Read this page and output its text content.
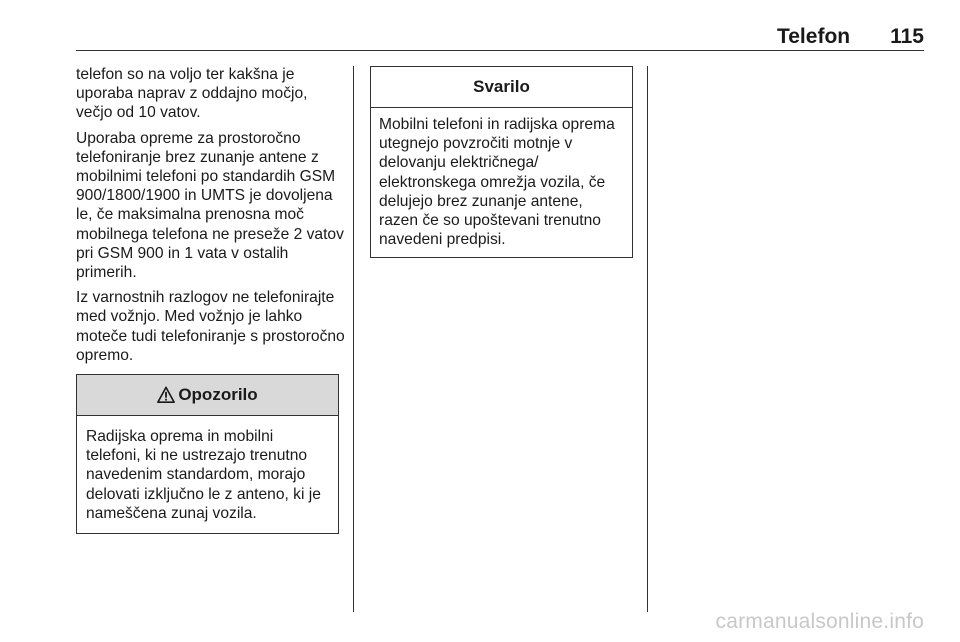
Telefon 115

telefon so na voljo ter kakšna je uporaba naprav z oddajno močjo, večjo od 10 vatov.

Uporaba opreme za prostoročno telefoniranje brez zunanje antene z mobilnimi telefoni po standardih GSM 900/1800/1900 in UMTS je dovoljena le, če maksimalna prenosna moč mobilnega telefona ne preseže 2 vatov pri GSM 900 in 1 vata v ostalih primerih.

Iz varnostnih razlogov ne telefonirajte med vožnjo. Med vožnjo je lahko moteče tudi telefoniranje s prostoročno opremo.

Opozorilo
Radijska oprema in mobilni telefoni, ki ne ustrezajo trenutno navedenim standardom, morajo delovati izključno le z anteno, ki je nameščena zunaj vozila.
Svarilo
Mobilni telefoni in radijska oprema utegnejo povzročiti motnje v delovanju električnega/ elektronskega omrežja vozila, če delujejo brez zunanje antene, razen če so upoštevani trenutno navedeni predpisi.
carmanualsonline.info
